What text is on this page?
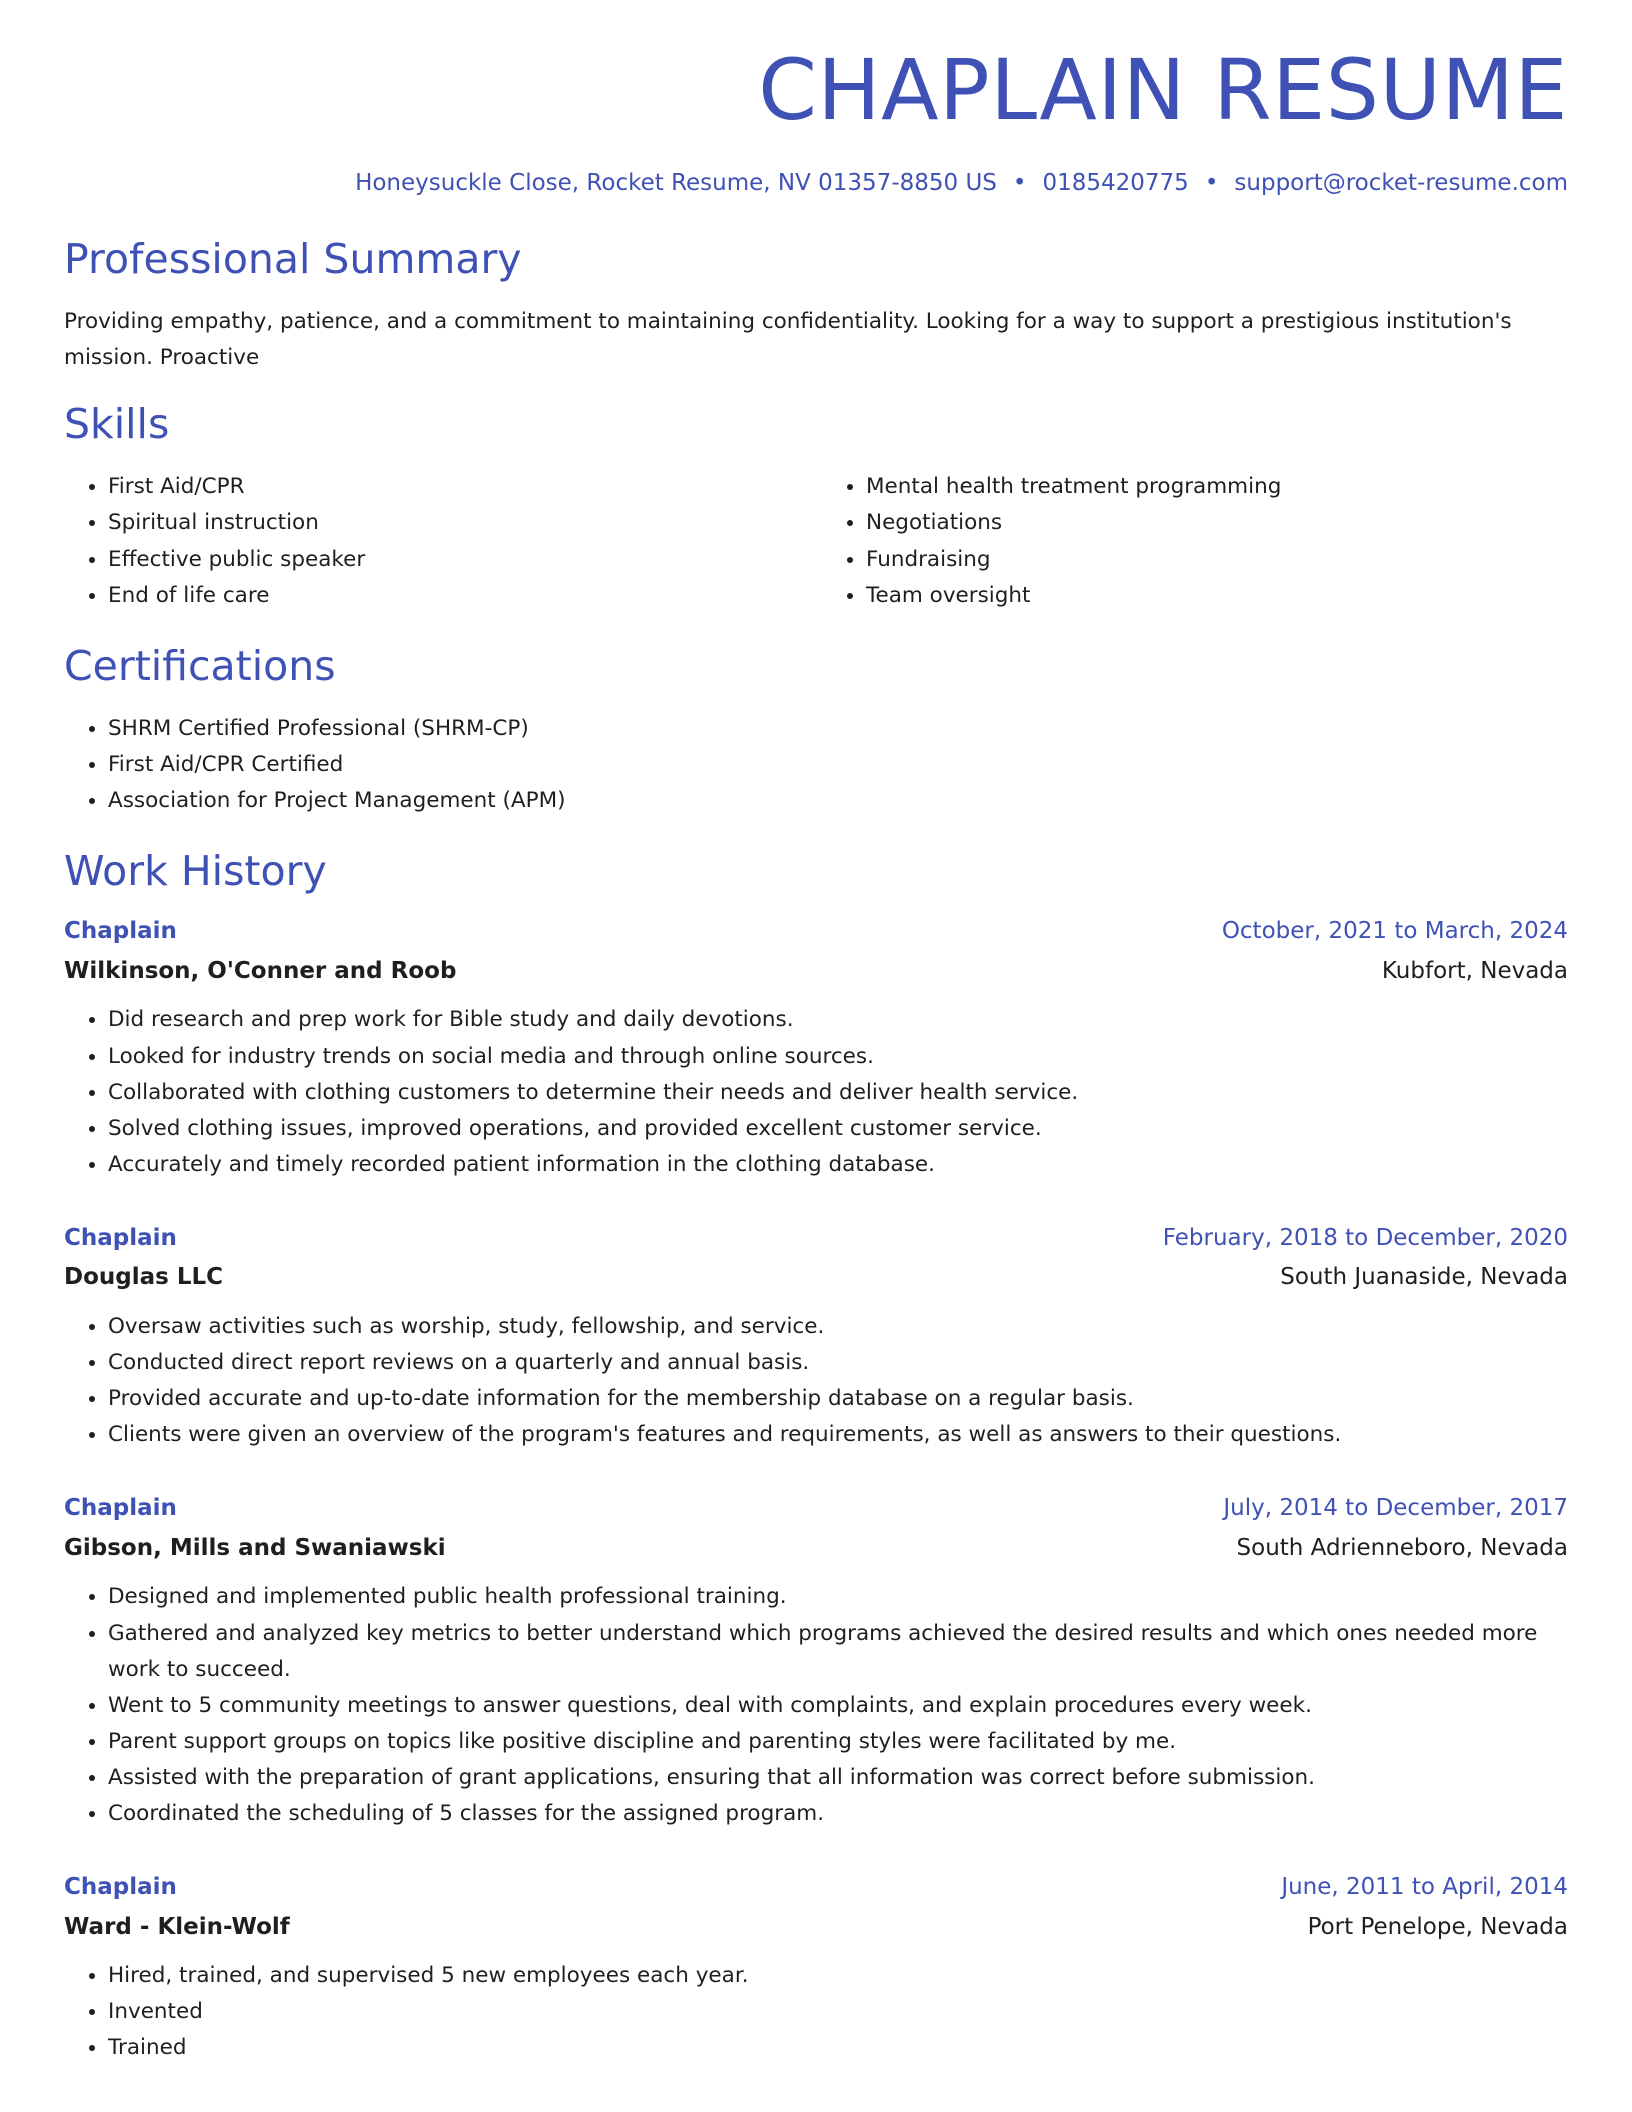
CHAPLAIN RESUME
Honeysuckle Close, Rocket Resume, NV 01357-8850 US • 0185420775 • support@rocket-resume.com
Professional Summary

Providing empathy, patience, and a commitment to maintaining confidentiality. Looking for a way to support a prestigious institution's mission. Proactive

Skills
• First Aid/CPR
• Spiritual instruction
• Effective public speaker
• End of life care
• Mental health treatment programming
• Negotiations
• Fundraising
• Team oversight
Certifications
• SHRM Certified Professional (SHRM-CP)
• First Aid/CPR Certified
• Association for Project Management (APM)
Work History
Chaplain	October, 2021 to March, 2024
Wilkinson, O'Conner and Roob	Kubfort, Nevada
• Did research and prep work for Bible study and daily devotions.
• Looked for industry trends on social media and through online sources.
• Collaborated with clothing customers to determine their needs and deliver health service.
• Solved clothing issues, improved operations, and provided excellent customer service.
• Accurately and timely recorded patient information in the clothing database.
Chaplain	February, 2018 to December, 2020
Douglas LLC	South Juanaside, Nevada
• Oversaw activities such as worship, study, fellowship, and service.
• Conducted direct report reviews on a quarterly and annual basis.
• Provided accurate and up-to-date information for the membership database on a regular basis.
• Clients were given an overview of the program's features and requirements, as well as answers to their questions.
Chaplain	July, 2014 to December, 2017
Gibson, Mills and Swaniawski	South Adrienneboro, Nevada
• Designed and implemented public health professional training.
• Gathered and analyzed key metrics to better understand which programs achieved the desired results and which ones needed more work to succeed.
• Went to 5 community meetings to answer questions, deal with complaints, and explain procedures every week.
• Parent support groups on topics like positive discipline and parenting styles were facilitated by me.
• Assisted with the preparation of grant applications, ensuring that all information was correct before submission.
• Coordinated the scheduling of 5 classes for the assigned program.
Chaplain	June, 2011 to April, 2014
Ward - Klein-Wolf	Port Penelope, Nevada
• Hired, trained, and supervised 5 new employees each year.
• Invented
• Trained
